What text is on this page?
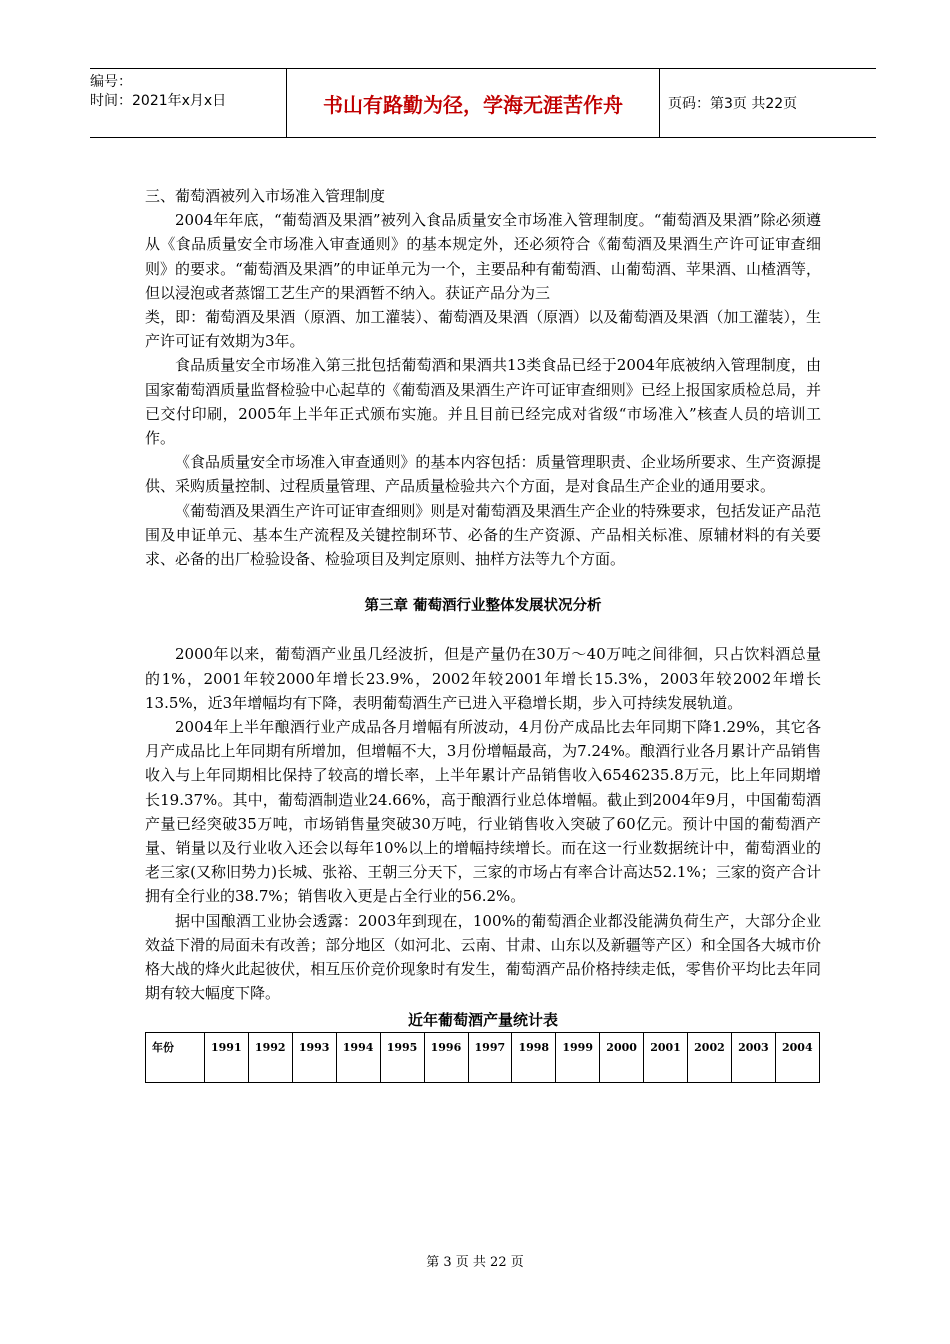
编号：
时间：2021年x月x日	书山有路勤为径，学海无涯苦作舟	页码：第3页 共22页

三、葡萄酒被列入市场准入管理制度

2004年年底，“葡萄酒及果酒”被列入食品质量安全市场准入管理制度。“葡萄酒及果酒”除必须遵从《食品质量安全市场准入审查通则》的基本规定外，还必须符合《葡萄酒及果酒生产许可证审查细则》的要求。“葡萄酒及果酒”的申证单元为一个，主要品种有葡萄酒、山葡萄酒、苹果酒、山楂酒等，但以浸泡或者蒸馏工艺生产的果酒暂不纳入。获证产品分为三

类，即：葡萄酒及果酒（原酒、加工灌装）、葡萄酒及果酒（原酒）以及葡萄酒及果酒（加工灌装），生产许可证有效期为3年。

食品质量安全市场准入第三批包括葡萄酒和果酒共13类食品已经于2004年底被纳入管理制度，由国家葡萄酒质量监督检验中心起草的《葡萄酒及果酒生产许可证审查细则》已经上报国家质检总局，并已交付印刷，2005年上半年正式颁布实施。并且目前已经完成对省级“市场准入”核查人员的培训工作。

《食品质量安全市场准入审查通则》的基本内容包括：质量管理职责、企业场所要求、生产资源提供、采购质量控制、过程质量管理、产品质量检验共六个方面，是对食品生产企业的通用要求。

《葡萄酒及果酒生产许可证审查细则》则是对葡萄酒及果酒生产企业的特殊要求，包括发证产品范围及申证单元、基本生产流程及关键控制环节、必备的生产资源、产品相关标准、原辅材料的有关要求、必备的出厂检验设备、检验项目及判定原则、抽样方法等九个方面。

第三章 葡萄酒行业整体发展状况分析

2000年以来，葡萄酒产业虽几经波折，但是产量仍在30万～40万吨之间徘徊，只占饮料酒总量的1%，2001年较2000年增长23.9%，2002年较2001年增长15.3%，2003年较2002年增长13.5%，近3年增幅均有下降，表明葡萄酒生产已进入平稳增长期，步入可持续发展轨道。

2004年上半年酿酒行业产成品各月增幅有所波动，4月份产成品比去年同期下降1.29%，其它各月产成品比上年同期有所增加，但增幅不大，3月份增幅最高，为7.24%。酿酒行业各月累计产品销售收入与上年同期相比保持了较高的增长率，上半年累计产品销售收入6546235.8万元，比上年同期增长19.37%。其中，葡萄酒制造业24.66%，高于酿酒行业总体增幅。截止到2004年9月，中国葡萄酒产量已经突破35万吨，市场销售量突破30万吨，行业销售收入突破了60亿元。预计中国的葡萄酒产量、销量以及行业收入还会以每年10%以上的增幅持续增长。而在这一行业数据统计中，葡萄酒业的老三家(又称旧势力)长城、张裕、王朝三分天下，三家的市场占有率合计高达52.1%；三家的资产合计拥有全行业的38.7%；销售收入更是占全行业的56.2%。

据中国酿酒工业协会透露：2003年到现在，100%的葡萄酒企业都没能满负荷生产，大部分企业效益下滑的局面未有改善；部分地区（如河北、云南、甘肃、山东以及新疆等产区）和全国各大城市价格大战的烽火此起彼伏，相互压价竞价现象时有发生，葡萄酒产品价格持续走低，零售价平均比去年同期有较大幅度下降。

近年葡萄酒产量统计表
年份	1991	1992	1993	1994	1995	1996	1997	1998	1999	2000	2001	2002	2003	2004
第 3 页 共 22 页
